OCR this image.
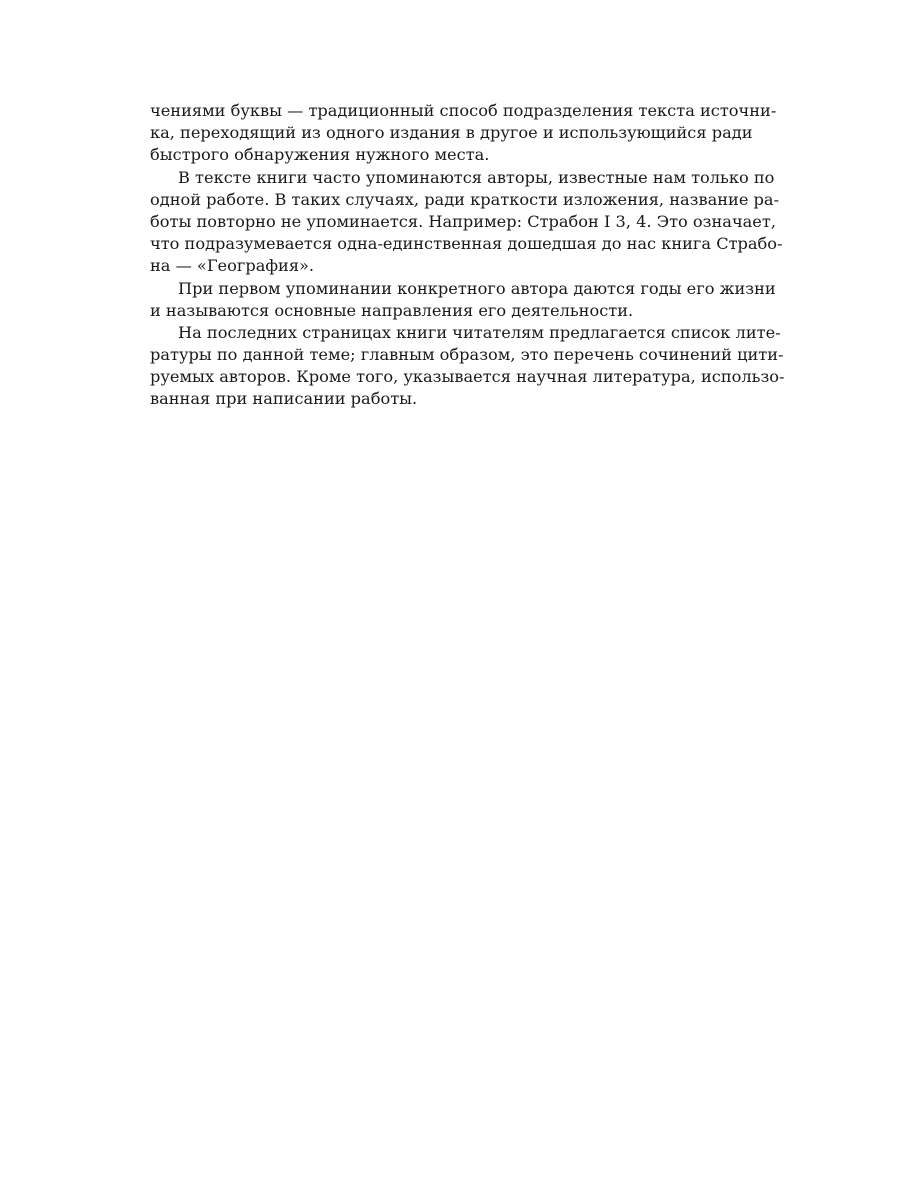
чениями буквы — традиционный способ подразделения текста источни-
ка, переходящий из одного издания в другое и использующийся ради
быстрого обнаружения нужного места.
В тексте книги часто упоминаются авторы, известные нам только по
одной работе. В таких случаях, ради краткости изложения, название ра-
боты повторно не упоминается. Например: Страбон I 3, 4. Это означает,
что подразумевается одна-единственная дошедшая до нас книга Страбо-
на — «География».
При первом упоминании конкретного автора даются годы его жизни
и называются основные направления его деятельности.
На последних страницах книги читателям предлагается список лите-
ратуры по данной теме; главным образом, это перечень сочинений цити-
руемых авторов. Кроме того, указывается научная литература, использо-
ванная при написании работы.
